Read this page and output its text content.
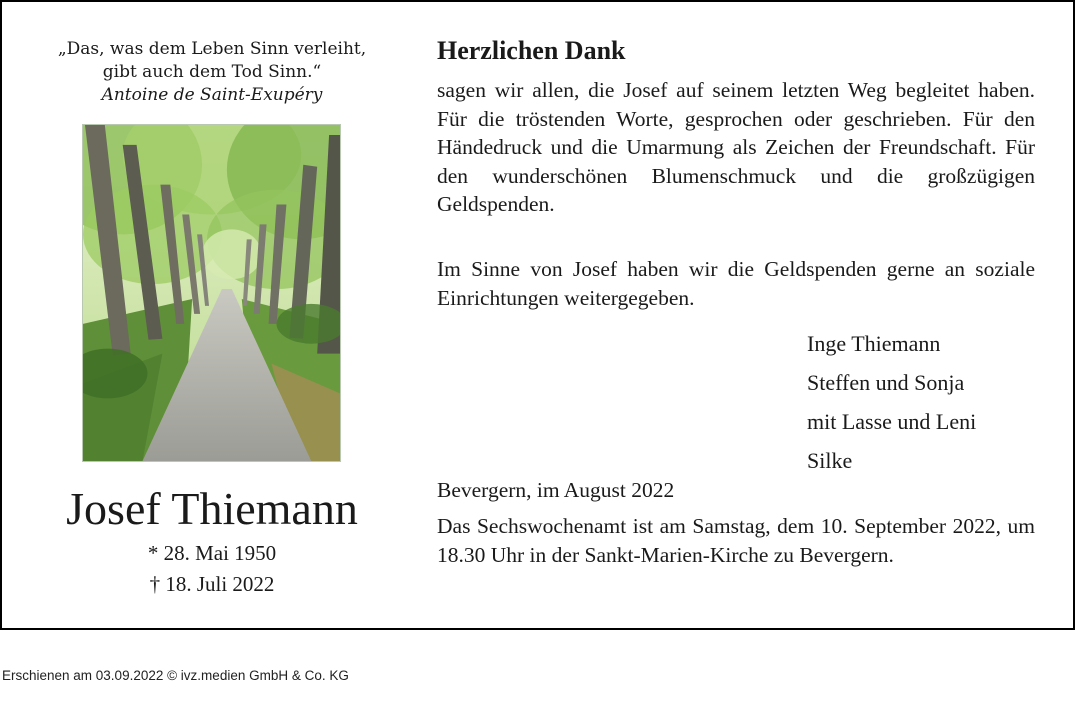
„Das, was dem Leben Sinn verleiht,
gibt auch dem Tod Sinn.“
Antoine de Saint-Exupéry
Josef Thiemann
* 28. Mai 1950
† 18. Juli 2022
Herzlichen Dank
sagen wir allen, die Josef auf seinem letzten Weg begleitet haben. Für die tröstenden Worte, gesprochen oder geschrieben. Für den Händedruck und die Umarmung als Zeichen der Freundschaft. Für den wunderschönen Blumenschmuck und die großzügigen Geldspenden.
Im Sinne von Josef haben wir die Geldspenden gerne an soziale Einrichtungen weitergegeben.
Inge Thiemann
Steffen und Sonja
mit Lasse und Leni
Silke
Bevergern, im August 2022
Das Sechswochenamt ist am Samstag, dem 10. September 2022, um 18.30 Uhr in der Sankt-Marien-Kirche zu Bevergern.
Erschienen am 03.09.2022 © ivz.medien GmbH & Co. KG
